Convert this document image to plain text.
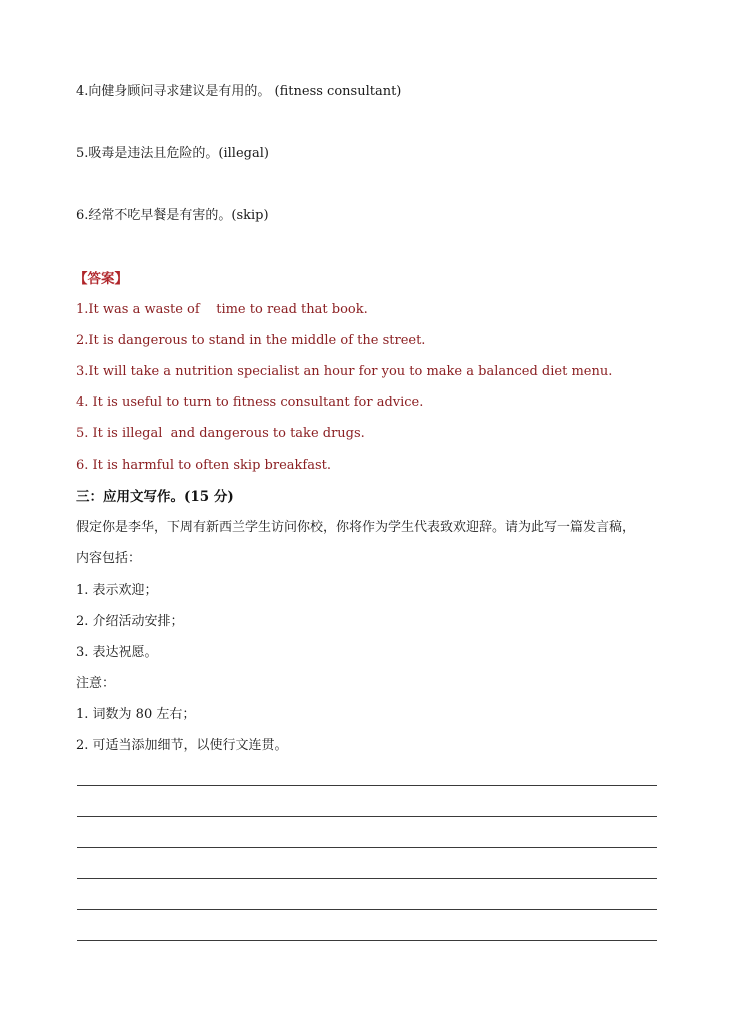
4.向健身顾问寻求建议是有用的。 (fitness consultant)
5.吸毒是违法且危险的。(illegal)
6.经常不吃早餐是有害的。(skip)
【答案】
1.It was a waste of    time to read that book.
2.It is dangerous to stand in the middle of the street.
3.It will take a nutrition specialist an hour for you to make a balanced diet menu.
4. It is useful to turn to fitness consultant for advice.
5. It is illegal  and dangerous to take drugs.
6. It is harmful to often skip breakfast.
三：应用文写作。(15 分)
假定你是李华，下周有新西兰学生访问你校，你将作为学生代表致欢迎辞。请为此写一篇发言稿，
内容包括：
1. 表示欢迎；
2. 介绍活动安排；
3. 表达祝愿。
注意：
1. 词数为 80 左右；
2. 可适当添加细节，以使行文连贯。
